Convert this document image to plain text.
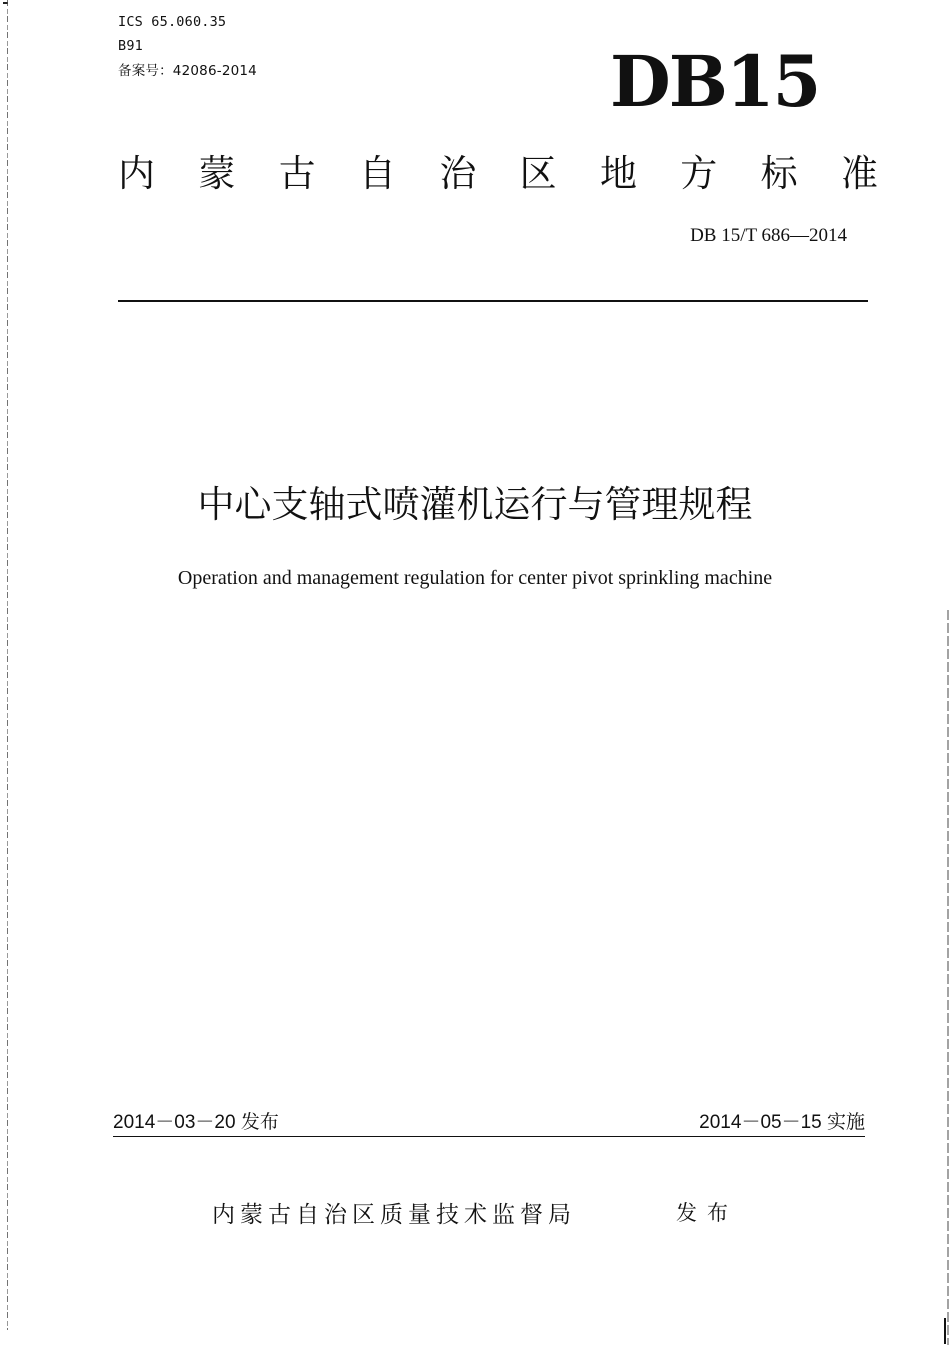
ICS 65.060.35
B91
备案号：42086-2014	DB15
内 蒙 古 自 治 区 地 方 标 准
DB 15/T 686—2014
中心支轴式喷灌机运行与管理规程
Operation and management regulation for center pivot sprinkling machine
2014－03－20 发布	2014－05－15 实施
内蒙古自治区质量技术监督局	发布
